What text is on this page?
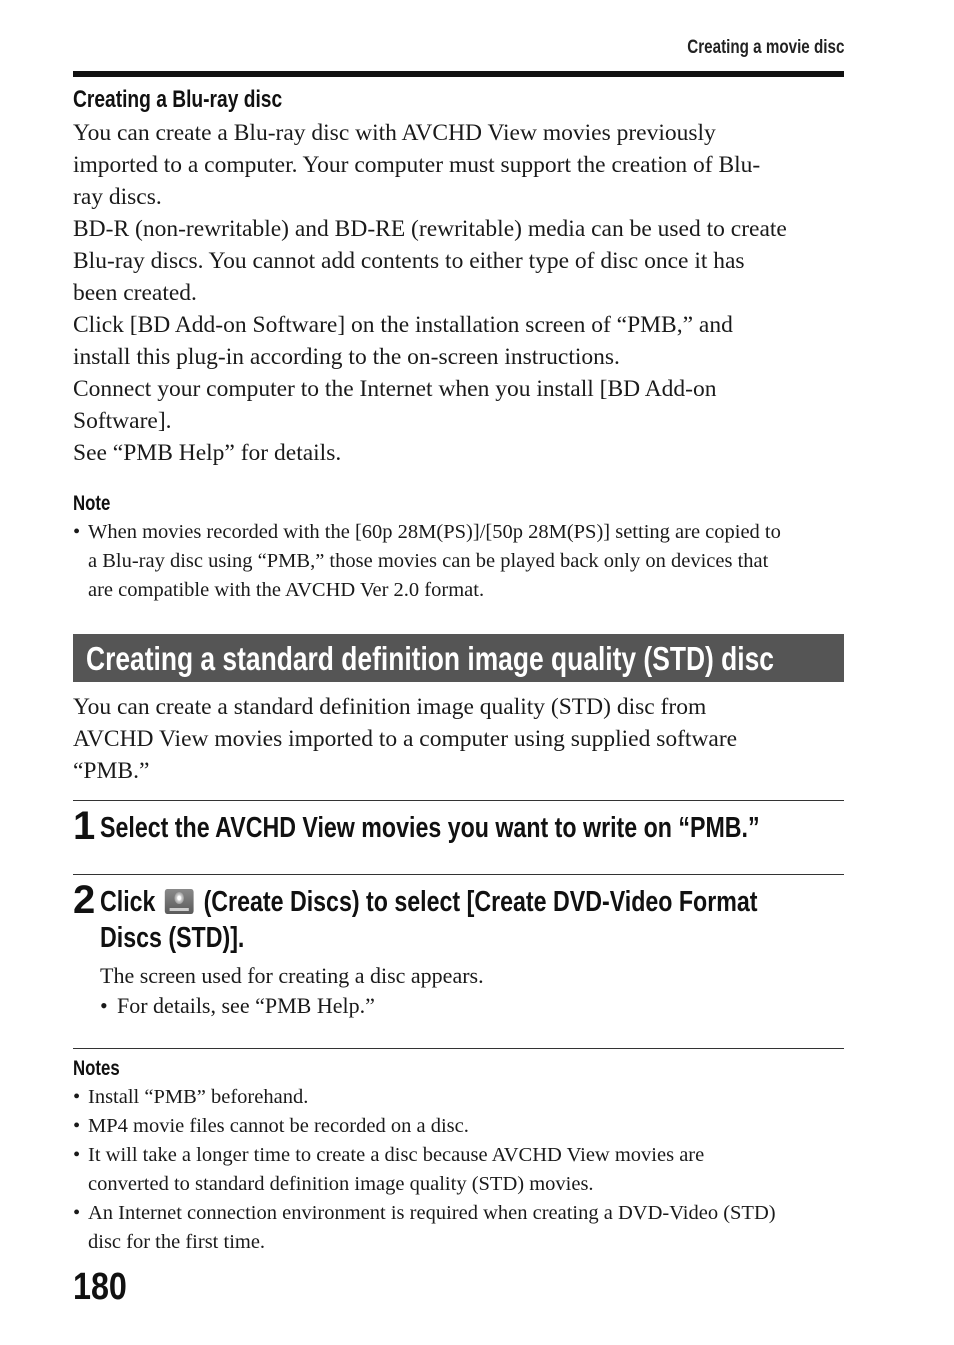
Creating a movie disc
Creating a Blu-ray disc

You can create a Blu-ray disc with AVCHD View movies previously

imported to a computer. Your computer must support the creation of Blu-

ray discs.

BD-R (non-rewritable) and BD-RE (rewritable) media can be used to create

Blu-ray discs. You cannot add contents to either type of disc once it has

been created.

Click [BD Add-on Software] on the installation screen of “PMB,” and

install this plug-in according to the on-screen instructions.

Connect your computer to the Internet when you install [BD Add-on

Software].

See “PMB Help” for details.

Note
• When movies recorded with the [60p 28M(PS)]/[50p 28M(PS)] setting are copied to
a Blu-ray disc using “PMB,” those movies can be played back only on devices that
are compatible with the AVCHD Ver 2.0 format.
Creating a standard definition image quality (STD) disc

You can create a standard definition image quality (STD) disc from

AVCHD View movies imported to a computer using supplied software

“PMB.”

1 Select the AVCHD View movies you want to write on “PMB.”
2 Click (Create Discs) to select [Create DVD-Video Format
Discs (STD)].
The screen used for creating a disc appears.
• For details, see “PMB Help.”
Notes
• Install “PMB” beforehand.
• MP4 movie files cannot be recorded on a disc.
• It will take a longer time to create a disc because AVCHD View movies are
converted to standard definition image quality (STD) movies.
• An Internet connection environment is required when creating a DVD-Video (STD)
disc for the first time.
180
